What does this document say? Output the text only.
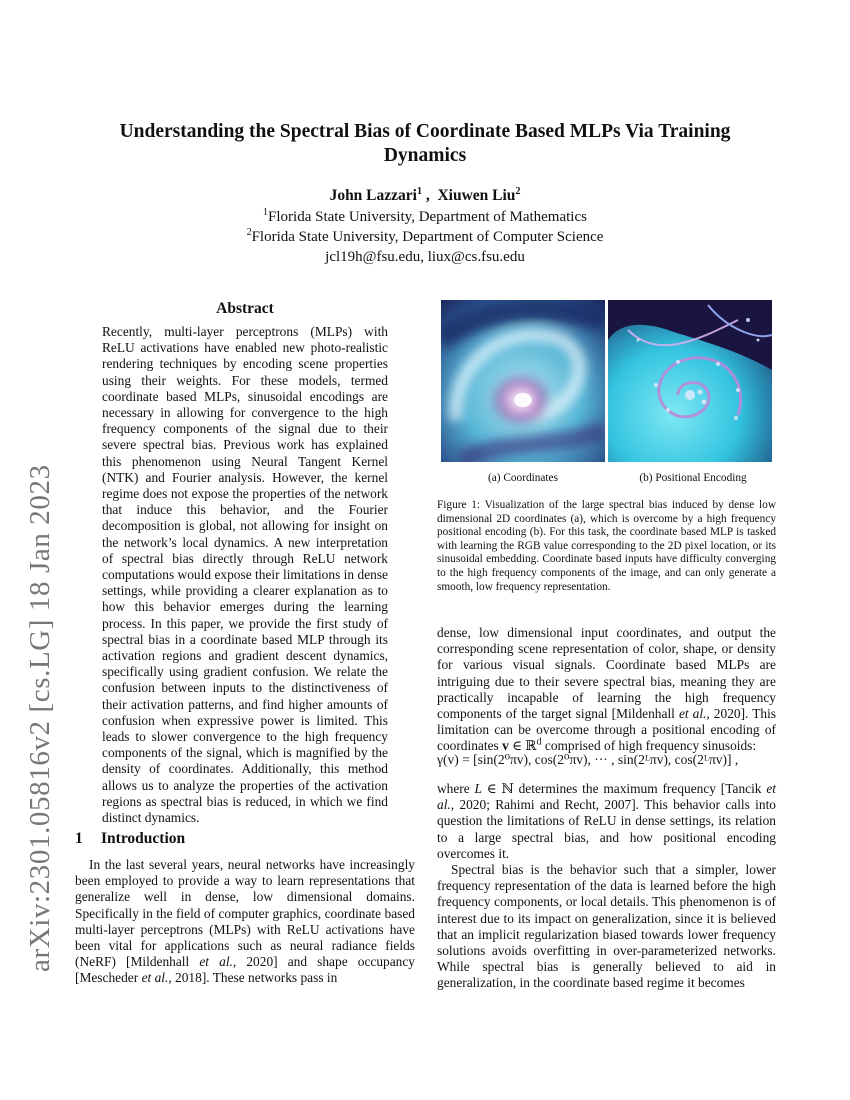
Understanding the Spectral Bias of Coordinate Based MLPs Via Training
Dynamics
John Lazzari$^1$ ,  Xiuwen Liu$^2$
$^1$Florida State University, Department of Mathematics
$^2$Florida State University, Department of Computer Science
jcl19h@fsu.edu, liux@cs.fsu.edu
arXiv:2301.05816v2 [cs.LG] 18 Jan 2023
Abstract
Recently, multi-layer perceptrons (MLPs) with ReLU activations have enabled new photo-realistic rendering techniques by encoding scene properties using their weights. For these models, termed coordinate based MLPs, sinusoidal encodings are necessary in allowing for convergence to the high frequency components of the signal due to their severe spectral bias. Previous work has explained this phenomenon using Neural Tangent Kernel (NTK) and Fourier analysis. However, the kernel regime does not expose the properties of the network that induce this behavior, and the Fourier decomposition is global, not allowing for insight on the network’s local dynamics. A new interpretation of spectral bias directly through ReLU network computations would expose their limitations in dense settings, while providing a clearer explanation as to how this behavior emerges during the learning process. In this paper, we provide the first study of spectral bias in a coordinate based MLP through its activation regions and gradient descent dynamics, specifically using gradient confusion. We relate the confusion between inputs to the distinctiveness of their activation patterns, and find higher amounts of confusion when expressive power is limited. This leads to slower convergence to the high frequency components of the signal, which is magnified by the density of coordinates. Additionally, this method allows us to analyze the properties of the activation regions as spectral bias is reduced, in which we find distinct dynamics.
1 Introduction

In the last several years, neural networks have increasingly been employed to provide a way to learn representations that generalize well in dense, low dimensional domains. Specifically in the field of computer graphics, coordinate based multi-layer perceptrons (MLPs) with ReLU activations have been vital for applications such as neural radiance fields (NeRF) [Mildenhall et al., 2020] and shape occupancy [Mescheder et al., 2018]. These networks pass in

(a) Coordinates	(b) Positional Encoding
Figure 1: Visualization of the large spectral bias induced by dense low dimensional 2D coordinates (a), which is overcome by a high frequency positional encoding (b). For this task, the coordinate based MLP is tasked with learning the RGB value corresponding to the 2D pixel location, or its sinusoidal embedding. Coordinate based inputs have difficulty converging to the high frequency components of the image, and can only generate a smooth, low frequency representation.

dense, low dimensional input coordinates, and output the corresponding scene representation of color, shape, or density for various visual signals. Coordinate based MLPs are intriguing due to their severe spectral bias, meaning they are practically incapable of learning the high frequency components of the target signal [Mildenhall et al., 2020]. This limitation can be overcome through a positional encoding of coordinates v ∈ ℝ$^d$ comprised of high frequency sinusoids:

γ(v) = [sin(2⁰πv), cos(2⁰πv), ··· , sin(2ᴸπv), cos(2ᴸπv)] ,

where L ∈ ℕ determines the maximum frequency [Tancik et al., 2020; Rahimi and Recht, 2007]. This behavior calls into question the limitations of ReLU in dense settings, its relation to a large spectral bias, and how positional encoding overcomes it.

Spectral bias is the behavior such that a simpler, lower frequency representation of the data is learned before the high frequency components, or local details. This phenomenon is of interest due to its impact on generalization, since it is believed that an implicit regularization biased towards lower frequency solutions avoids overfitting in over-parameterized networks. While spectral bias is generally believed to aid in generalization, in the coordinate based regime it becomes
